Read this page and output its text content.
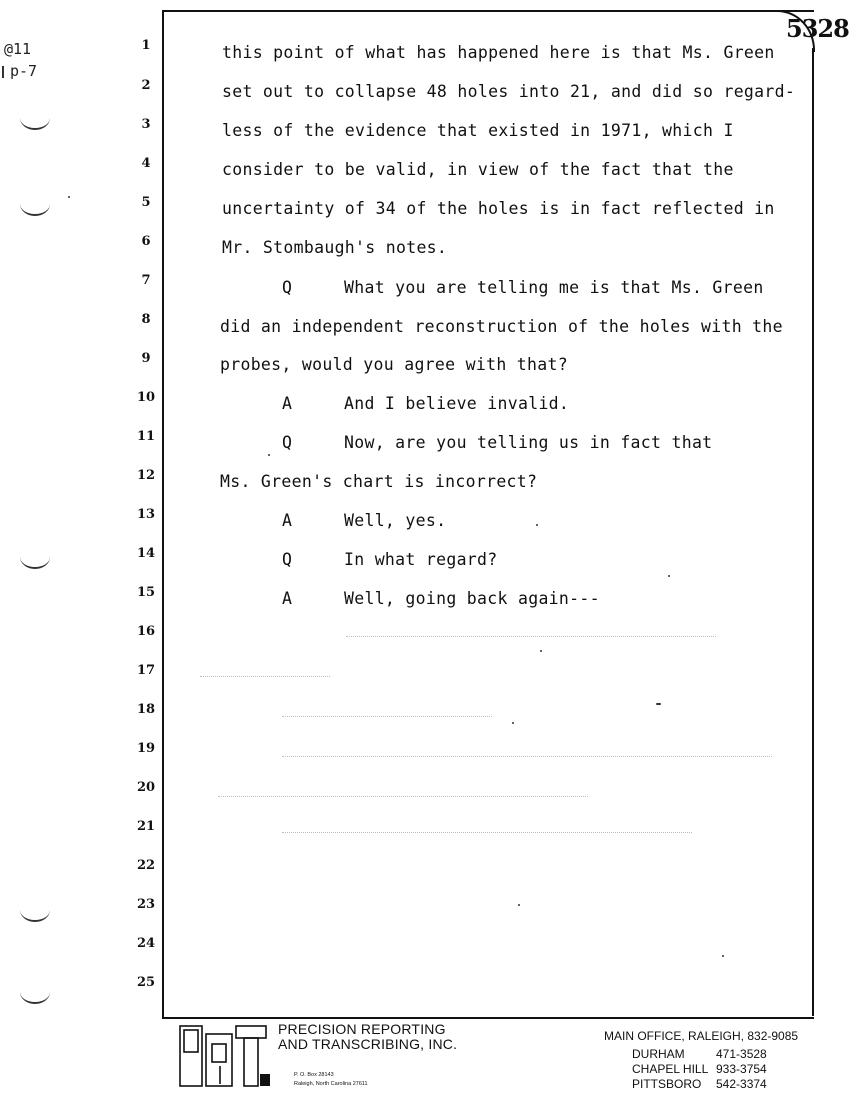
@11
p-7
5328
1
2
3
4
5
6
7
8
9
10
11
12
13
14
15
16
17
18
19
20
21
22
23
24
25
this point of what has happened here is that Ms. Green
set out to collapse 48 holes into 21, and did so regard-
less of the evidence that existed in 1971, which I
consider to be valid, in view of the fact that the
uncertainty of 34 of the holes is in fact reflected in
Mr. Stombaugh's notes.
Q	What you are telling me is that Ms. Green
did an independent reconstruction of the holes with the
probes, would you agree with that?
A	And I believe invalid.
Q	Now, are you telling us in fact that
Ms. Green's chart is incorrect?
A	Well, yes.
Q	In what regard?
A	Well, going back again---
PRECISION REPORTING
AND TRANSCRIBING, INC.
P. O. Box 28143
Raleigh, North Carolina 27611
MAIN OFFICE, RALEIGH, 832-9085
DURHAM	471-3528
CHAPEL HILL 933-3754
PITTSBORO 542-3374
